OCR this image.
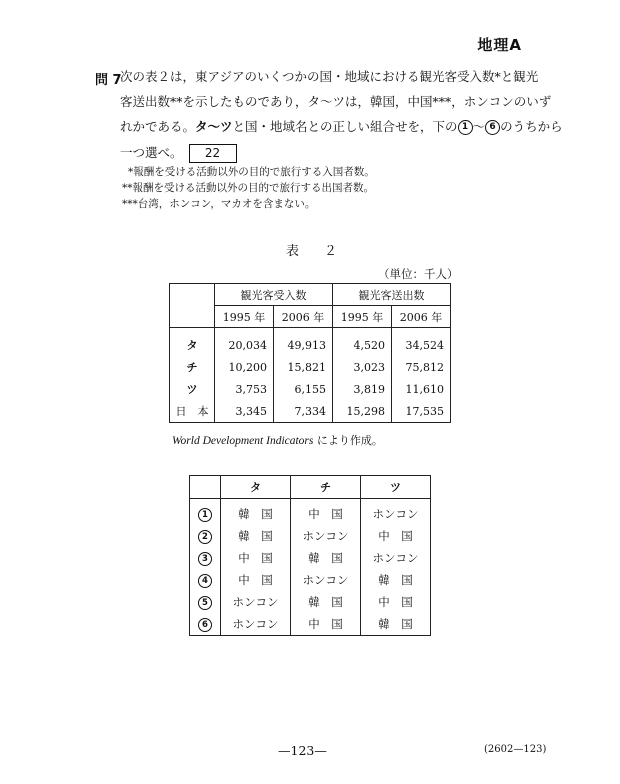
地理A
問 7
次の表２は，東アジアのいくつかの国・地域における観光客受入数*と観光
客送出数**を示したものであり，タ〜ツは，韓国，中国***，ホンコンのいず
れかである。タ〜ツと国・地域名との正しい組合せを，下の 1 〜 6 のうちから
一つ選べ。 22
*報酬を受ける活動以外の目的で旅行する入国者数。
**報酬を受ける活動以外の目的で旅行する出国者数。
***台湾，ホンコン，マカオを含まない。
表　２
（単位：千人）
	観光客受入数		観光客送出数	
	1995 年	2006 年	1995 年	2006 年
タ	20,034	49,913	4,520	34,524
チ	10,200	15,821	3,023	75,812
ツ	3,753	6,155	3,819	11,610
日　本	3,345	7,334	15,298	17,535
World Development Indicators により作成。
	タ	チ	ツ
1	韓　国	中　国	ホンコン
2	韓　国	ホンコン	中　国
3	中　国	韓　国	ホンコン
4	中　国	ホンコン	韓　国
5	ホンコン	韓　国	中　国
6	ホンコン	中　国	韓　国
—123—	(2602—123)
